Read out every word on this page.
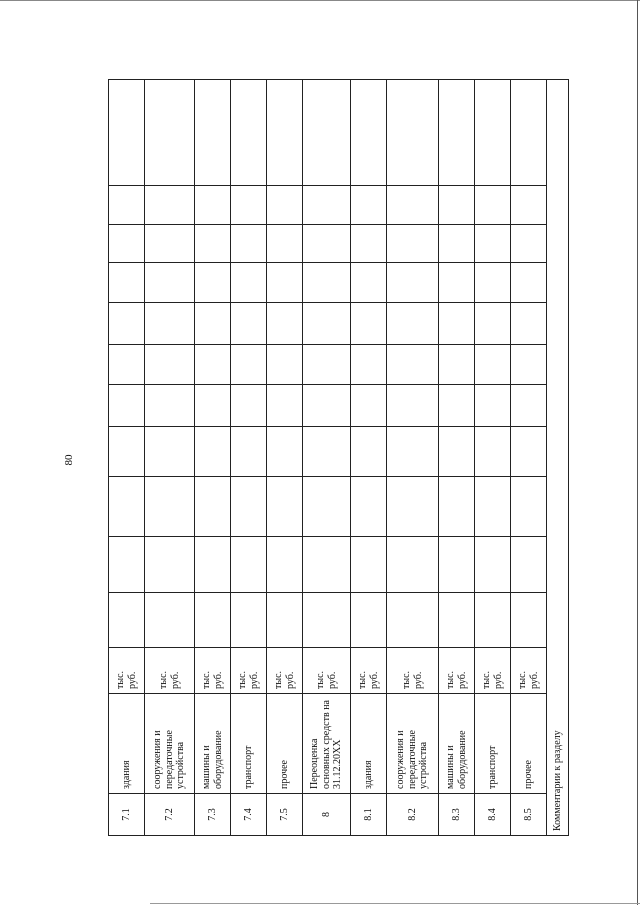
80
7.1	здания	тыс. руб.											
7.2	сооружения и передаточные устройства	тыс. руб.											
7.3	машины и оборудование	тыс. руб.											
7.4	транспорт	тыс. руб.											
7.5	прочее	тыс. руб.											
8	Переоценка основных средств на 31.12.20XX	тыс. руб.											
8.1	здания	тыс. руб.											
8.2	сооружения и передаточные устройства	тыс. руб.											
8.3	машины и оборудование	тыс. руб.											
8.4	транспорт	тыс. руб.											
8.5	прочее	тыс. руб.											
Комментарии к разделу													
